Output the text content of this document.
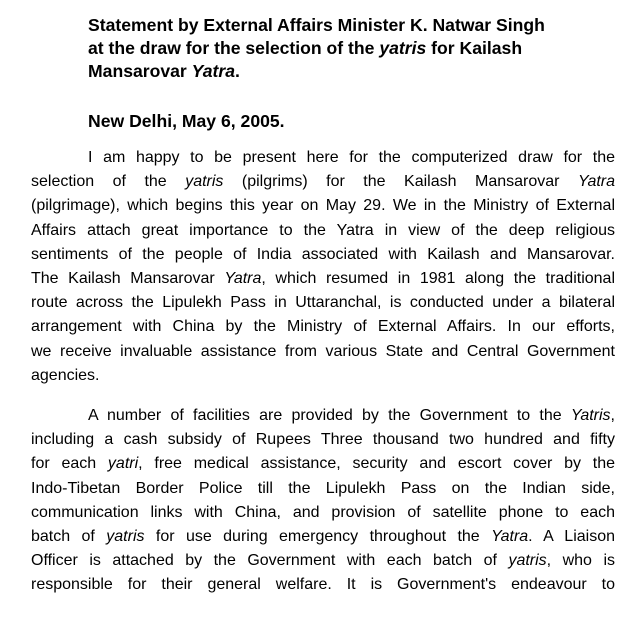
Statement by External Affairs Minister K. Natwar Singh
at the draw for the selection of the yatris for Kailash
Mansarovar Yatra.
New Delhi, May 6, 2005.
I am happy to be present here for the computerized draw for the
selection of the yatris (pilgrims) for the Kailash Mansarovar Yatra
(pilgrimage), which begins this year on May 29. We in the Ministry of External
Affairs attach great importance to the Yatra in view of the deep religious
sentiments of the people of India associated with Kailash and Mansarovar.
The Kailash Mansarovar Yatra, which resumed in 1981 along the traditional
route across the Lipulekh Pass in Uttaranchal, is conducted under a bilateral
arrangement with China by the Ministry of External Affairs. In our efforts,
we receive invaluable assistance from various State and Central Government
agencies.
A number of facilities are provided by the Government to the Yatris,
including a cash subsidy of Rupees Three thousand two hundred and fifty
for each yatri, free medical assistance, security and escort cover by the
Indo-Tibetan Border Police till the Lipulekh Pass on the Indian side,
communication links with China, and provision of satellite phone to each
batch of yatris for use during emergency throughout the Yatra. A Liaison
Officer is attached by the Government with each batch of yatris, who is
responsible for their general welfare. It is Government's endeavour to
